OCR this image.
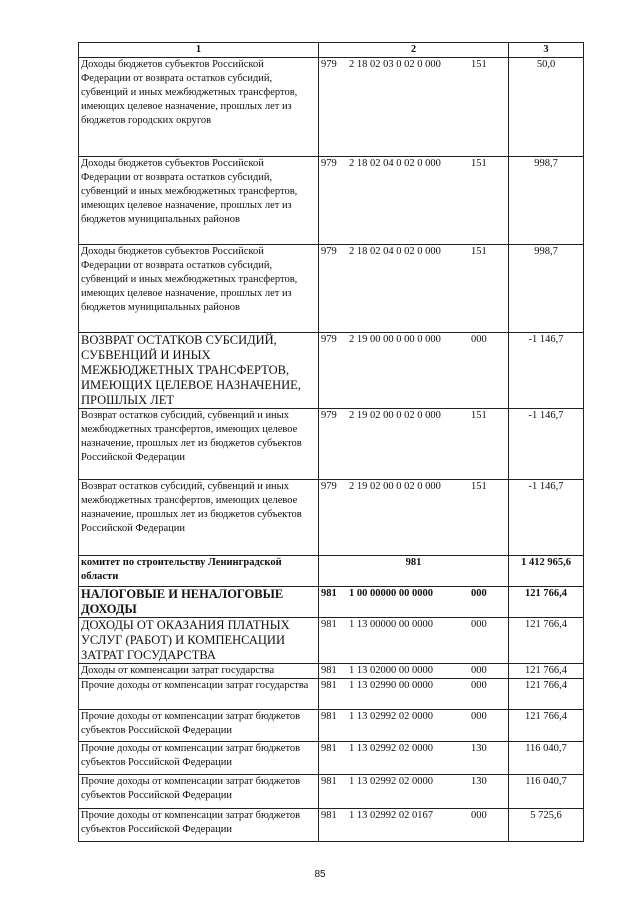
1	2	3
Доходы бюджетов субъектов Российской Федерации от возврата остатков субсидий, субвенций и иных межбюджетных трансфертов, имеющих целевое назначение, прошлых лет из бюджетов городских округов	979 2 18 02 03 0 02 0 000 151	50,0
Доходы бюджетов субъектов Российской Федерации от возврата остатков субсидий, субвенций и иных межбюджетных трансфертов, имеющих целевое назначение, прошлых лет из бюджетов муниципальных районов	979 2 18 02 04 0 02 0 000 151	998,7
Доходы бюджетов субъектов Российской Федерации от возврата остатков субсидий, субвенций и иных межбюджетных трансфертов, имеющих целевое назначение, прошлых лет из бюджетов муниципальных районов	979 2 18 02 04 0 02 0 000 151	998,7
ВОЗВРАТ ОСТАТКОВ СУБСИДИЙ, СУБВЕНЦИЙ И ИНЫХ МЕЖБЮДЖЕТНЫХ ТРАНСФЕРТОВ, ИМЕЮЩИХ ЦЕЛЕВОЕ НАЗНАЧЕНИЕ, ПРОШЛЫХ ЛЕТ	979 2 19 00 00 0 00 0 000 000	-1 146,7
Возврат остатков субсидий, субвенций и иных межбюджетных трансфертов, имеющих целевое назначение, прошлых лет из бюджетов субъектов Российской Федерации	979 2 19 02 00 0 02 0 000 151	-1 146,7
Возврат остатков субсидий, субвенций и иных межбюджетных трансфертов, имеющих целевое назначение, прошлых лет из бюджетов субъектов Российской Федерации	979 2 19 02 00 0 02 0 000 151	-1 146,7
комитет по строительству Ленинградской области	981	1 412 965,6
НАЛОГОВЫЕ И НЕНАЛОГОВЫЕ ДОХОДЫ	981 1 00 00000 00 0000 000	121 766,4
ДОХОДЫ ОТ ОКАЗАНИЯ ПЛАТНЫХ УСЛУГ (РАБОТ) И КОМПЕНСАЦИИ ЗАТРАТ ГОСУДАРСТВА	981 1 13 00000 00 0000 000	121 766,4
Доходы от компенсации затрат государства	981 1 13 02000 00 0000 000	121 766,4
Прочие доходы от компенсации затрат государства	981 1 13 02990 00 0000 000	121 766,4
Прочие доходы от компенсации затрат бюджетов субъектов Российской Федерации	981 1 13 02992 02 0000 000	121 766,4
Прочие доходы от компенсации затрат бюджетов субъектов Российской Федерации	981 1 13 02992 02 0000 130	116 040,7
Прочие доходы от компенсации затрат бюджетов субъектов Российской Федерации	981 1 13 02992 02 0000 130	116 040,7
Прочие доходы от компенсации затрат бюджетов субъектов Российской Федерации	981 1 13 02992 02 0167 000	5 725,6
85
